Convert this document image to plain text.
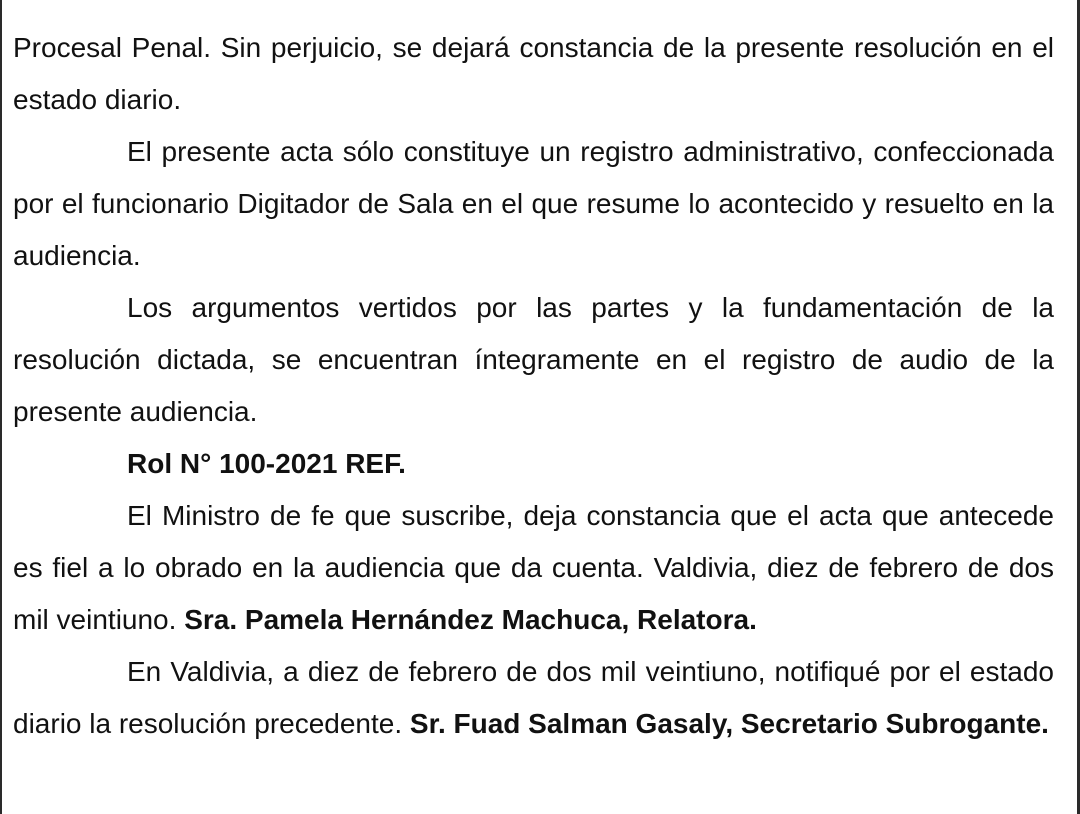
Procesal Penal. Sin perjuicio, se dejará constancia de la presente resolución en el estado diario.

El presente acta sólo constituye un registro administrativo, confeccionada por el funcionario Digitador de Sala en el que resume lo acontecido y resuelto en la audiencia.

Los argumentos vertidos por las partes y la fundamentación de la resolución dictada, se encuentran íntegramente en el registro de audio de la presente audiencia.

Rol N° 100-2021 REF.

El Ministro de fe que suscribe, deja constancia que el acta que antecede es fiel a lo obrado en la audiencia que da cuenta. Valdivia, diez de febrero de dos mil veintiuno. Sra. Pamela Hernández Machuca, Relatora.

En Valdivia, a diez de febrero de dos mil veintiuno, notifiqué por el estado diario la resolución precedente. Sr. Fuad Salman Gasaly, Secretario Subrogante.
